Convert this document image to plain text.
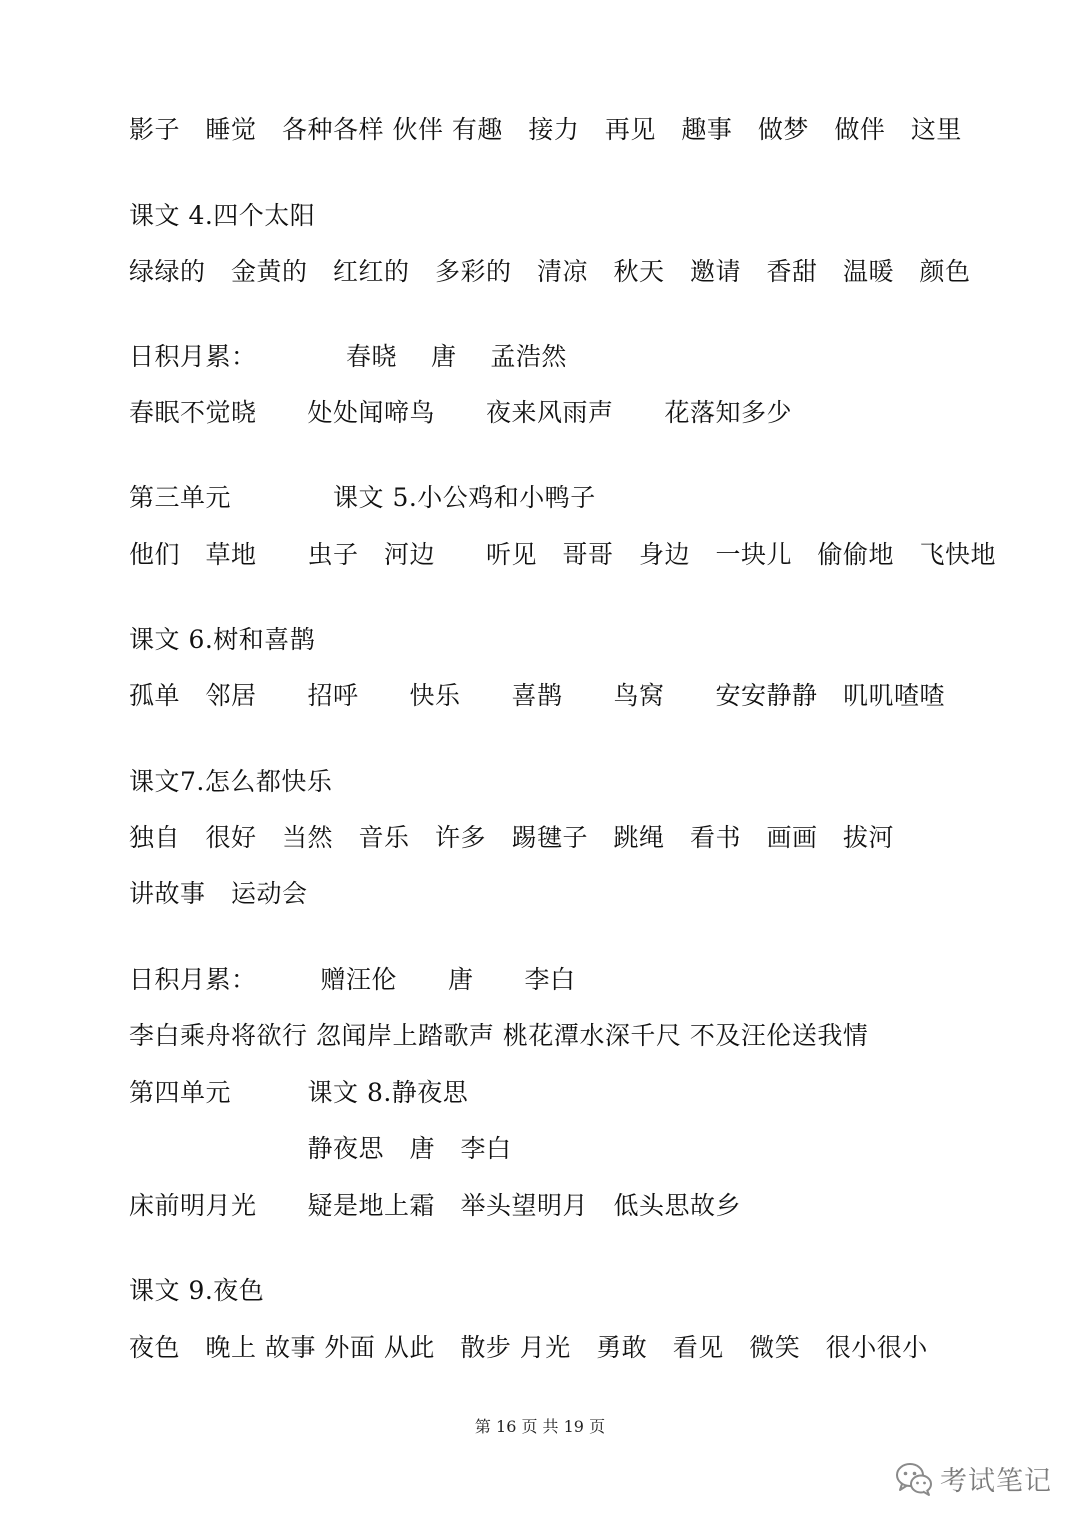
影子　睡觉　各种各样 伙伴 有趣　接力　再见　趣事　做梦　做伴　这里
课文 4.四个太阳
绿绿的　金黄的　红红的　多彩的　清凉　秋天　邀请　香甜　温暖　颜色
日积月累：　　　　春晓　 唐　 孟浩然
春眠不觉晓　　处处闻啼鸟　　夜来风雨声　　花落知多少
第三单元　　　　课文 5.小公鸡和小鸭子
他们　草地　　虫子　河边　　听见　哥哥　身边　一块儿　偷偷地　飞快地
课文 6.树和喜鹊
孤单　邻居　　招呼　　快乐　　喜鹊　　鸟窝　　安安静静　叽叽喳喳
课文7.怎么都快乐
独自　很好　当然　音乐　许多　踢毽子　跳绳　看书　画画　拔河
讲故事　运动会
日积月累：　　　赠汪伦　　唐　　李白
李白乘舟将欲行 忽闻岸上踏歌声 桃花潭水深千尺 不及汪伦送我情
第四单元　　　课文 8.静夜思
　　　　　　　静夜思　唐　李白
床前明月光　　疑是地上霜　举头望明月　低头思故乡
课文 9.夜色
夜色　晚上 故事 外面 从此　散步 月光　勇敢　看见　微笑　很小很小
第 16 页 共 19 页
考试笔记
